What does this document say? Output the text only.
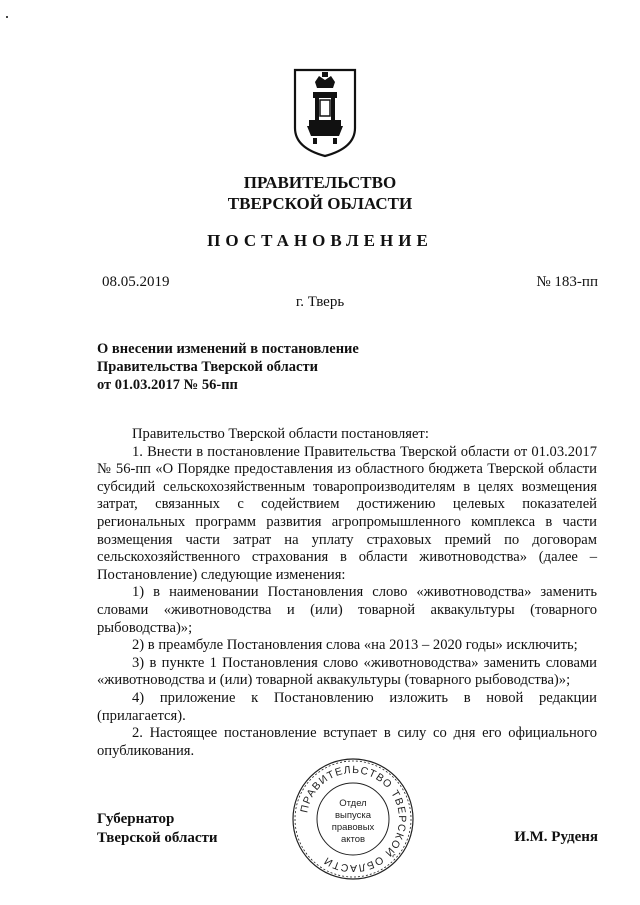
ПРАВИТЕЛЬСТВО
ТВЕРСКОЙ ОБЛАСТИ
ПОСТАНОВЛЕНИЕ
08.05.2019	№ 183-пп
г. Тверь
О внесении изменений в постановление
Правительства Тверской области
от 01.03.2017 № 56-пп

Правительство Тверской области постановляет:

1. Внести в постановление Правительства Тверской области от 01.03.2017 № 56-пп «О Порядке предоставления из областного бюджета Тверской области субсидий сельскохозяйственным товаропроизводителям в целях возмещения затрат, связанных с содействием достижению целевых показателей региональных программ развития агропромышленного комплекса в части возмещения части затрат на уплату страховых премий по договорам сельскохозяйственного страхования в области животноводства» (далее – Постановление) следующие изменения:

1) в наименовании Постановления слово «животноводства» заменить словами «животноводства и (или) товарной аквакультуры (товарного рыбоводства)»;

2) в преамбуле Постановления слова «на 2013 – 2020 годы» исключить;

3) в пункте 1 Постановления слово «животноводства» заменить словами «животноводства и (или) товарной аквакультуры (товарного рыбоводства)»;

4) приложение к Постановлению изложить в новой редакции (прилагается).

2. Настоящее постановление вступает в силу со дня его официального опубликования.

Губернатор
Тверской области	И.М. Руденя
ПРАВИТЕЛЬСТВО ТВЕРСКОЙ ОБЛАСТИ
Отдел
выпуска
правовых
актов
